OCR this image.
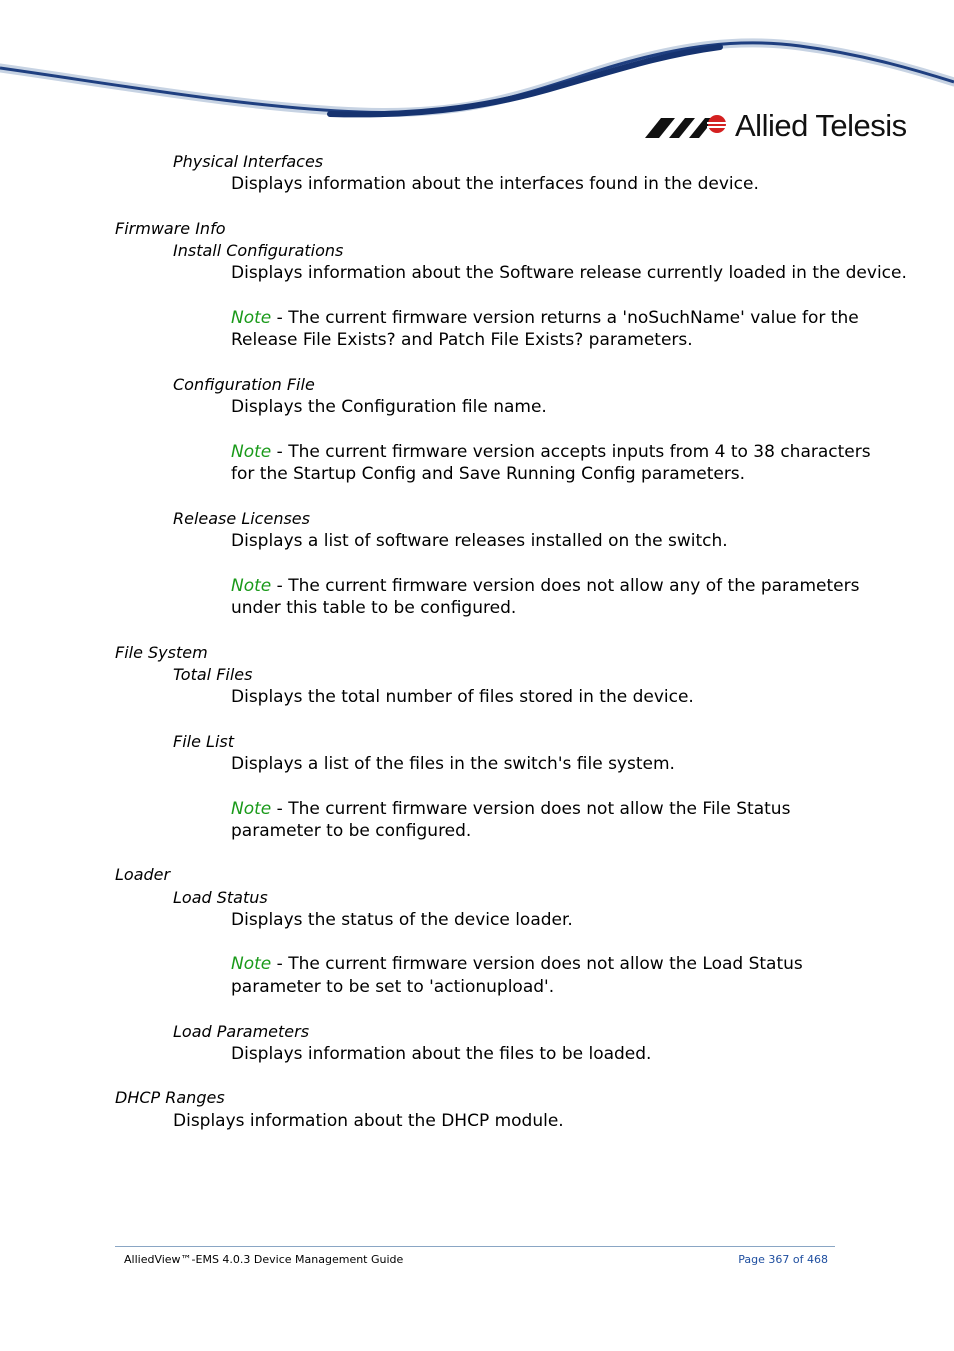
Allied Telesis
Physical Interfaces
Displays information about the interfaces found in the device.
Firmware Info
Install Configurations
Displays information about the Software release currently loaded in the device.
Note - The current firmware version returns a 'noSuchName' value for the
Release File Exists? and Patch File Exists? parameters.
Configuration File
Displays the Configuration file name.
Note - The current firmware version accepts inputs from 4 to 38 characters
for the Startup Config and Save Running Config parameters.
Release Licenses
Displays a list of software releases installed on the switch.
Note - The current firmware version does not allow any of the parameters
under this table to be configured.
File System
Total Files
Displays the total number of files stored in the device.
File List
Displays a list of the files in the switch's file system.
Note - The current firmware version does not allow the File Status
parameter to be configured.
Loader
Load Status
Displays the status of the device loader.
Note - The current firmware version does not allow the Load Status
parameter to be set to 'actionupload'.
Load Parameters
Displays information about the files to be loaded.
DHCP Ranges
Displays information about the DHCP module.
AlliedView™-EMS 4.0.3 Device Management Guide	Page 367 of 468
